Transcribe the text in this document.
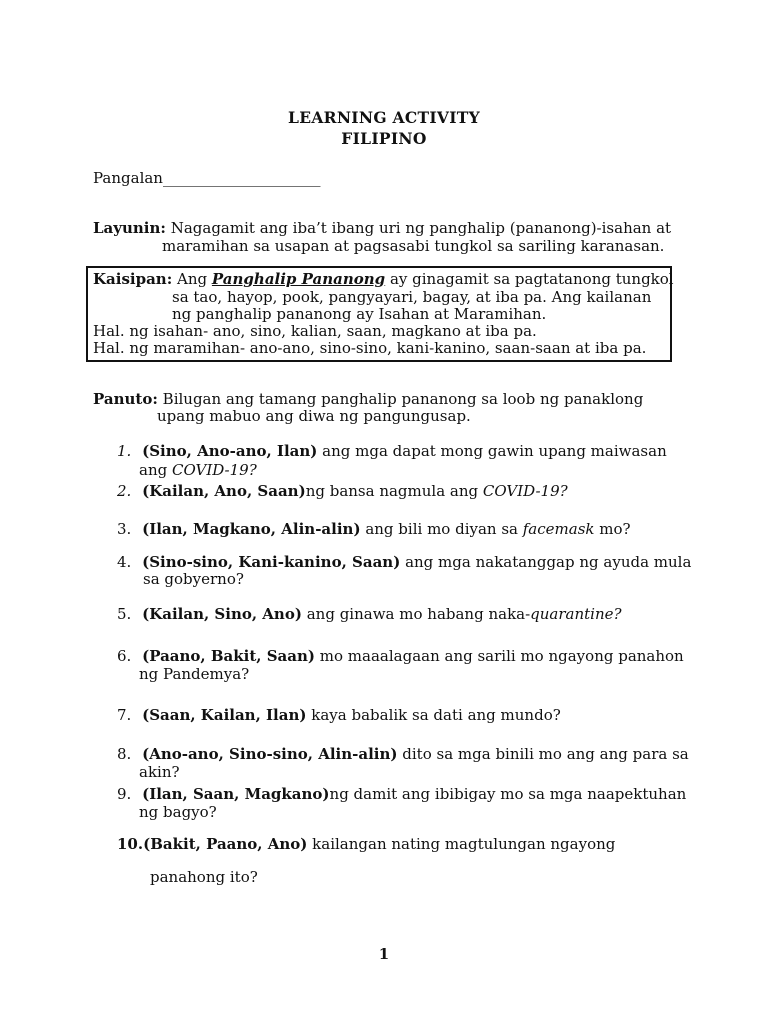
LEARNING ACTIVITY
FILIPINO
Pangalan_____________________
Layunin: Nagagamit ang iba’t ibang uri ng panghalip (pananong)-isahan at
maramihan sa usapan at pagsasabi tungkol sa sariling karanasan.
Kaisipan: Ang Panghalip Pananong ay ginagamit sa pagtatanong tungkol
sa tao, hayop, pook, pangyayari, bagay, at iba pa. Ang kailanan
ng panghalip pananong ay Isahan at Maramihan.
Hal. ng isahan- ano, sino, kalian, saan, magkano at iba pa.
Hal. ng maramihan- ano-ano, sino-sino, kani-kanino, saan-saan at iba pa.
Panuto: Bilugan ang tamang panghalip pananong sa loob ng panaklong
upang mabuo ang diwa ng pangungusap.
1. (Sino, Ano-ano, Ilan) ang mga dapat mong gawin upang maiwasan
ang COVID-19?
2. (Kailan, Ano, Saan)ng bansa nagmula ang COVID-19?
3. (Ilan, Magkano, Alin-alin) ang bili mo diyan sa facemask mo?
4. (Sino-sino, Kani-kanino, Saan) ang mga nakatanggap ng ayuda mula
sa gobyerno?
5. (Kailan, Sino, Ano) ang ginawa mo habang naka-quarantine?
6. (Paano, Bakit, Saan) mo maaalagaan ang sarili mo ngayong panahon
ng Pandemya?
7. (Saan, Kailan, Ilan) kaya babalik sa dati ang mundo?
8. (Ano-ano, Sino-sino, Alin-alin) dito sa mga binili mo ang ang para sa
akin?
9. (Ilan, Saan, Magkano)ng damit ang ibibigay mo sa mga naapektuhan
ng bagyo?
10.(Bakit, Paano, Ano) kailangan nating magtulungan ngayong
panahong ito?
1
